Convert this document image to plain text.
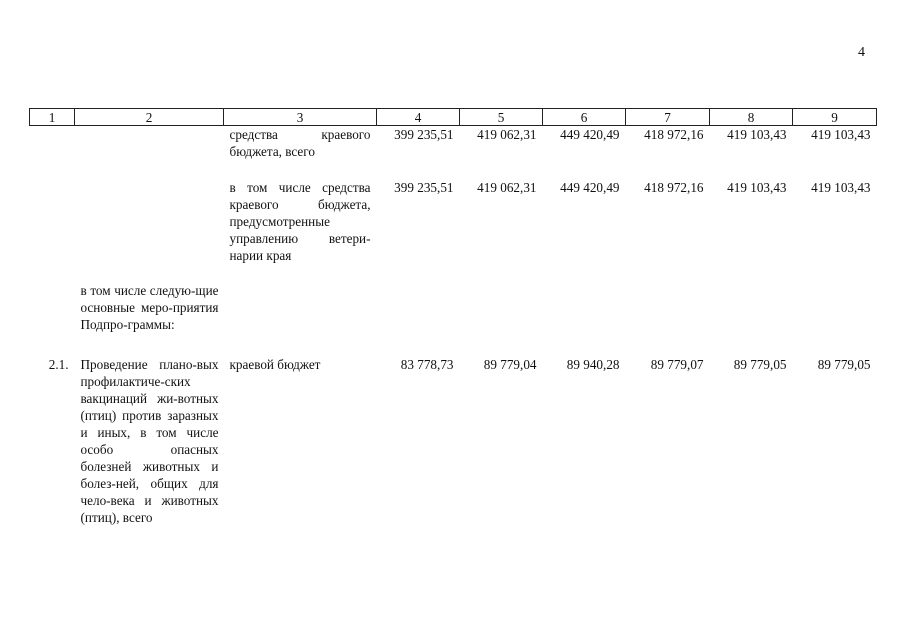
4
1	2	3	4	5	6	7	8	9
		средства краевого бюджета, всего	399 235,51	419 062,31	449 420,49	418 972,16	419 103,43	419 103,43

		в том числе средства краевого бюджета, предусмотренные управлению ветери-нарии края	399 235,51	419 062,31	449 420,49	418 972,16	419 103,43	419 103,43

	в том числе следую-щие основные меро-приятия Подпро-граммы:							

2.1.	Проведение плано-вых профилактиче-ских вакцинаций жи-вотных (птиц) против заразных и иных, в том числе особо опасных болезней животных и болез-ней, общих для чело-века и животных (птиц), всего	краевой бюджет	83 778,73	89 779,04	89 940,28	89 779,07	89 779,05	89 779,05
